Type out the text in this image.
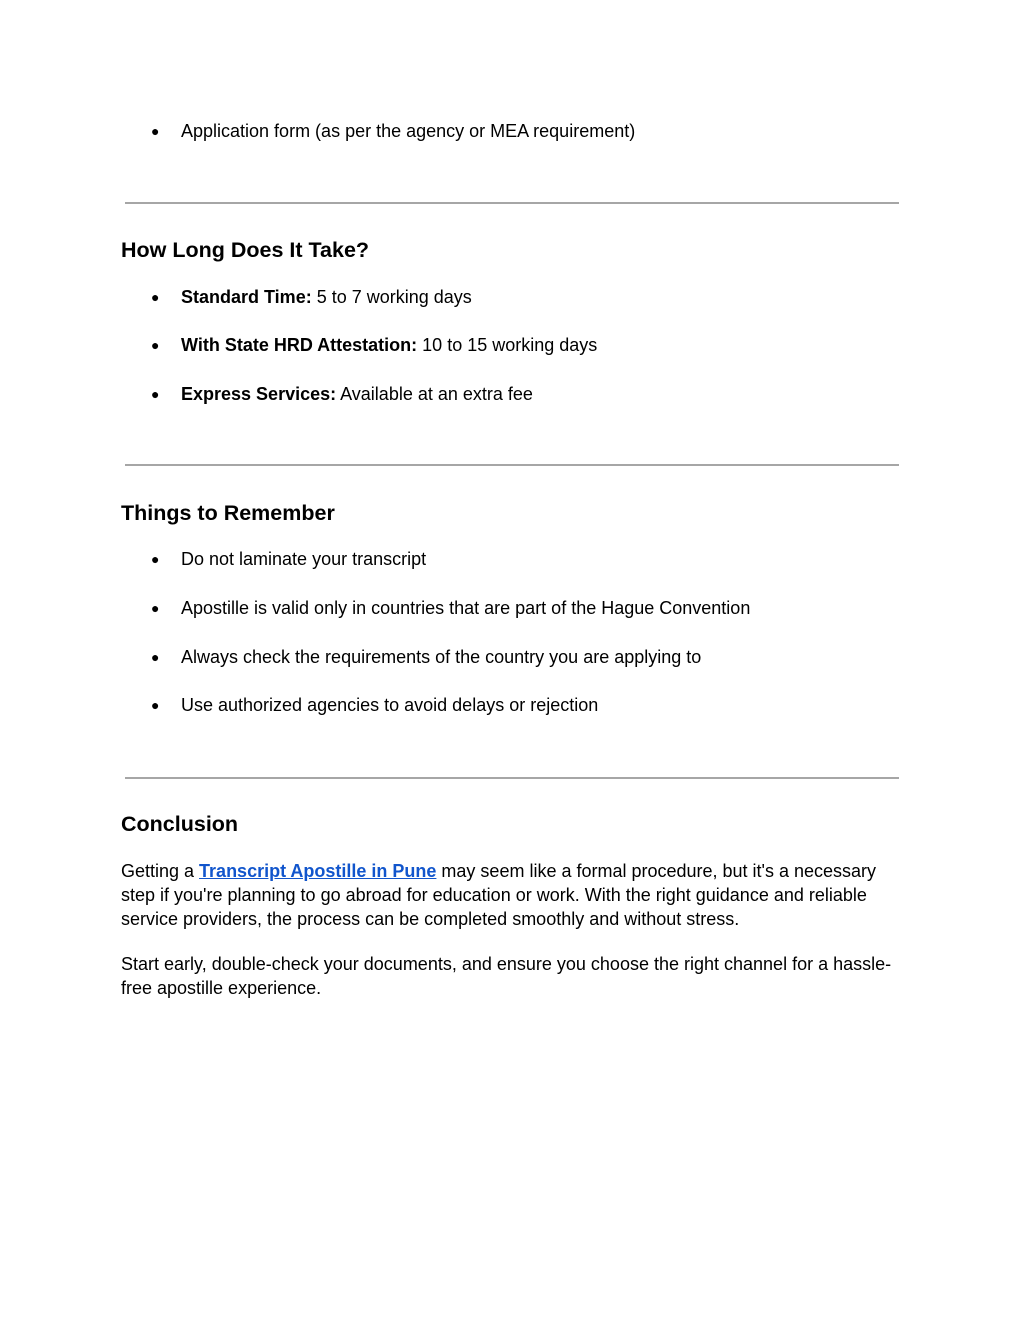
● Application form (as per the agency or MEA requirement)
How Long Does It Take?
● Standard Time: 5 to 7 working days
● With State HRD Attestation: 10 to 15 working days
● Express Services: Available at an extra fee
Things to Remember
● Do not laminate your transcript
● Apostille is valid only in countries that are part of the Hague Convention
● Always check the requirements of the country you are applying to
● Use authorized agencies to avoid delays or rejection
Conclusion

Getting a Transcript Apostille in Pune may seem like a formal procedure, but it's a necessary step if you're planning to go abroad for education or work. With the right guidance and reliable service providers, the process can be completed smoothly and without stress.

Start early, double-check your documents, and ensure you choose the right channel for a hassle-free apostille experience.
